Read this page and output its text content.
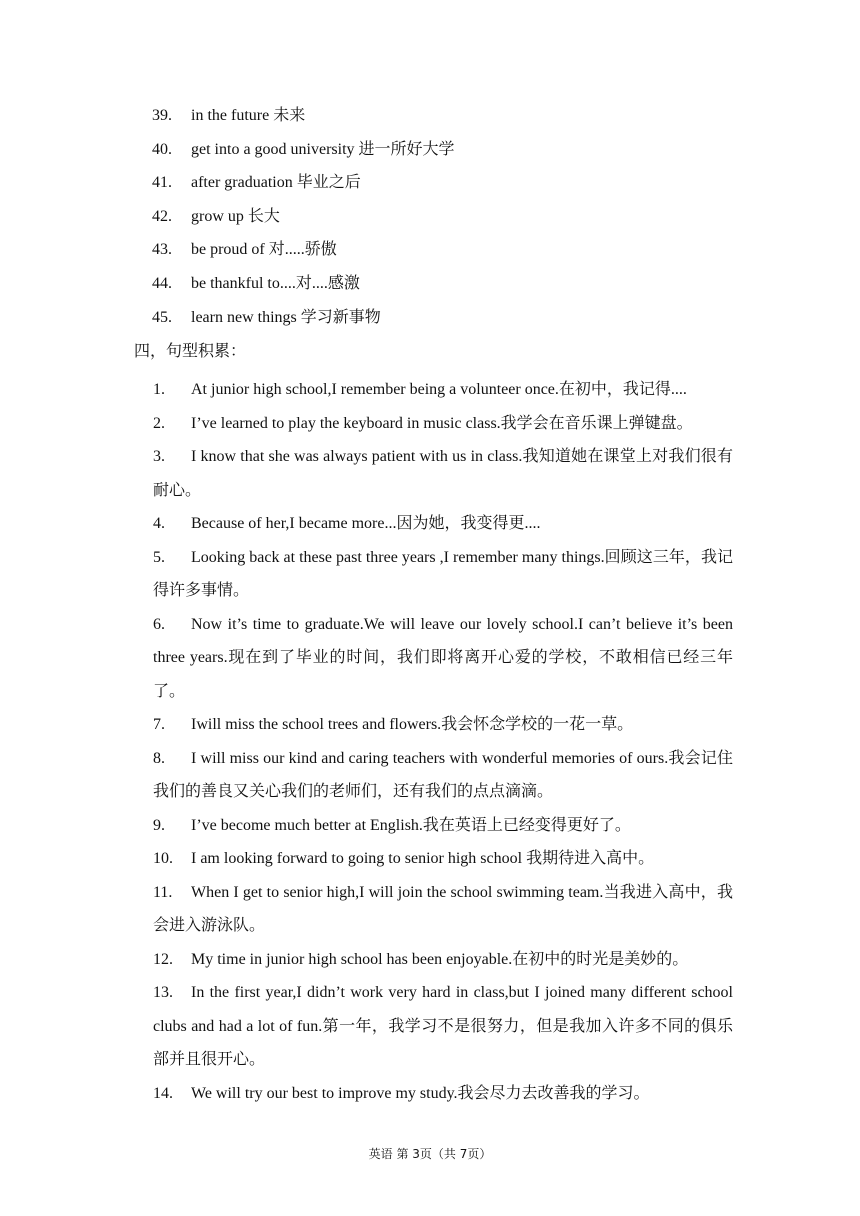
39. in the future 未来
40. get into a good university 进一所好大学
41. after graduation 毕业之后
42. grow up 长大
43. be proud of 对.....骄傲
44. be thankful to....对....感激
45. learn new things 学习新事物
四，句型积累：
1. At junior high school,I remember being a volunteer once.在初中，我记得....
2. I’ve learned to play the keyboard in music class.我学会在音乐课上弹键盘。
3. I know that she was always patient with us in class.我知道她在课堂上对我们很有耐心。
4. Because of her,I became more...因为她，我变得更....
5. Looking back at these past three years ,I remember many things.回顾这三年，我记得许多事情。
6. Now it’s time to graduate.We will leave our lovely school.I can’t believe it’s been three years.现在到了毕业的时间，我们即将离开心爱的学校，不敢相信已经三年了。
7. Iwill miss the school trees and flowers.我会怀念学校的一花一草。
8. I will miss our kind and caring teachers with wonderful memories of ours.我会记住我们的善良又关心我们的老师们，还有我们的点点滴滴。
9. I’ve become much better at English.我在英语上已经变得更好了。
10. I am looking forward to going to senior high school 我期待进入高中。
11. When I get to senior high,I will join the school swimming team.当我进入高中，我会进入游泳队。
12. My time in junior high school has been enjoyable.在初中的时光是美妙的。
13. In the first year,I didn’t work very hard in class,but I joined many different school clubs and had a lot of fun.第一年，我学习不是很努力，但是我加入许多不同的俱乐部并且很开心。
14. We will try our best to improve my study.我会尽力去改善我的学习。
英语 第 3页（共 7页）
